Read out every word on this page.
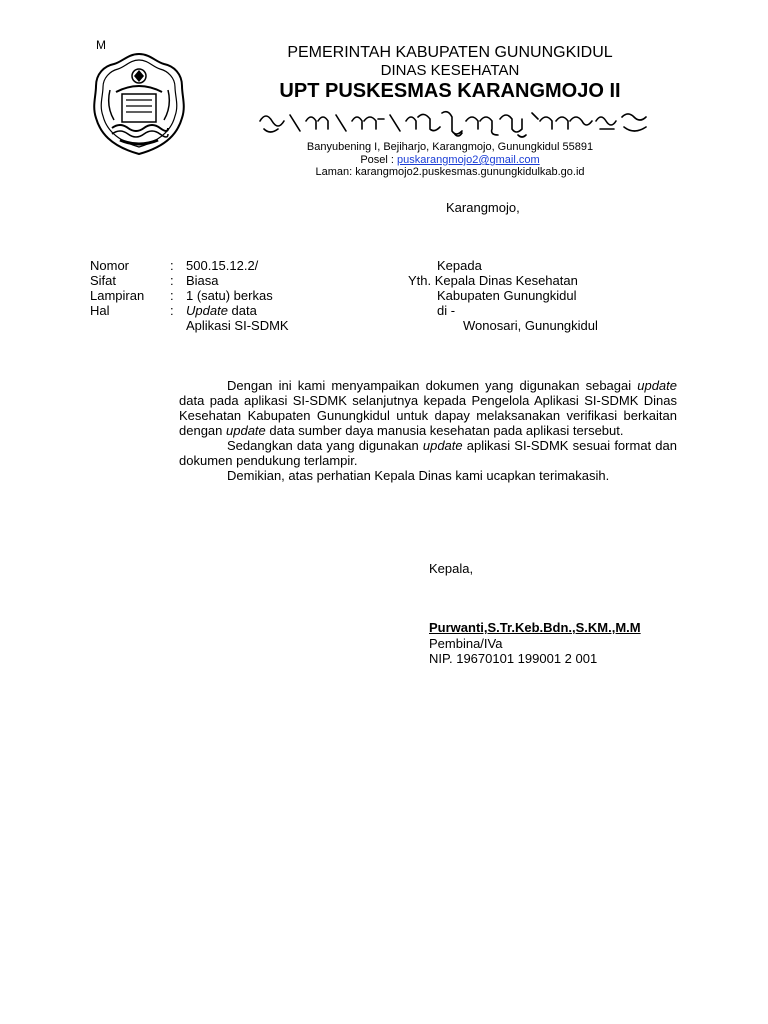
M	PEMERINTAH KABUPATEN GUNUNGKIDUL
DINAS KESEHATAN
UPT PUSKESMAS KARANGMOJO II
Banyubening I, Bejiharjo, Karangmojo, Gunungkidul 55891
Posel : puskarangmojo2@gmail.com
Laman: karangmojo2.puskesmas.gunungkidulkab.go.id
Karangmojo,
Nomor	:	500.15.12.2/
Sifat	:	Biasa
Lampiran	:	1 (satu) berkas
Hal	:	Update data
		Aplikasi SI-SDMK
Kepada
Yth. Kepala Dinas Kesehatan
Kabupaten Gunungkidul
di -
Wonosari, Gunungkidul

Dengan ini kami menyampaikan dokumen yang digunakan sebagai update data pada aplikasi SI-SDMK selanjutnya kepada Pengelola Aplikasi SI-SDMK Dinas Kesehatan Kabupaten Gunungkidul untuk dapay melaksanakan verifikasi berkaitan dengan update data sumber daya manusia kesehatan pada aplikasi tersebut.

Sedangkan data yang digunakan update aplikasi SI-SDMK sesuai format dan dokumen pendukung terlampir.

Demikian, atas perhatian Kepala Dinas kami ucapkan terimakasih.

Kepala,
Purwanti,S.Tr.Keb.Bdn.,S.KM.,M.M
Pembina/IVa
NIP. 19670101 199001 2 001
